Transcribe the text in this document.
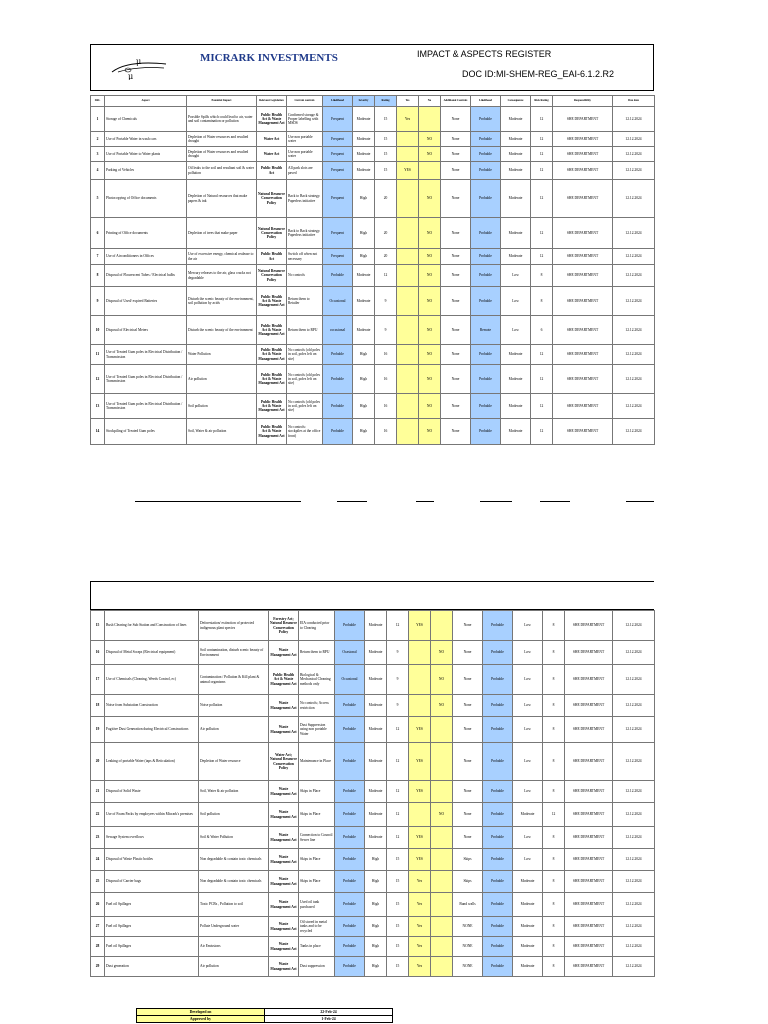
μ
μ
MICRARK INVESTMENTS	IMPACT & ASPECTS REGISTER
DOC ID:MI-SHEM-REG_EAI-6.1.2.R2
SRL	Aspect	Potential Impact	Relevant Legislation	Current controls	Likelihood	Severity	Rating	Yes	No	Additional Controls	Likelihood	Consequence	Risk Rating	Responsibility	Due date
1	Storage of Chemicals	Possible Spills which could lead to air, water and soil contamination or pollution	Public Health Act & Waste Management Act	Confirmed storage & Proper labelling with MSDS	Frequent	Moderate	15	Yes		None	Probable	Moderate	12	SHE DEPARTMENT	12.12.2024
2	Use of Portable Water in wash cars	Depletion of Water resources and resulted drought	Water Act	Use non portable water	Frequent	Moderate	15		NO	None	Probable	Moderate	12	SHE DEPARTMENT	12.12.2024
3	Use of Portable Water to Water plants	Depletion of Water resources and resulted drought	Water Act	Use non portable water	Frequent	Moderate	15		NO	None	Probable	Moderate	12	SHE DEPARTMENT	12.12.2024
4	Parking of Vehicles	Oil leaks to the soil and resultant soil & water pollution	Public Health Act	All park slots are paved	Frequent	Moderate	15	YES		None	Probable	Moderate	12	SHE DEPARTMENT	12.12.2024
5	Photocopying of Office documents	Depletion of Natural resources that make papers & ink	Natural Resource Conservation Policy	Back to Back strategy. Paperless initiative	Frequent	High	20		NO	None	Probable	Moderate	12	SHE DEPARTMENT	12.12.2024
6	Printing of Office documents	Depletion of trees that make paper	Natural Resource Conservation Policy	Back to Back strategy. Paperless initiative	Frequent	High	20		NO	None	Probable	Moderate	12	SHE DEPARTMENT	12.12.2024
7	Use of Airconditioners in Offices	Use of excessive energy, chemical realease to the air	Public Health Act	Switch off when not necessary	Frequent	High	20		NO	None	Probable	Moderate	12	SHE DEPARTMENT	12.12.2024
8	Disposal of Flourescent Tubes / Electrical bulbs	Mercury releases to the air, glass cracks not degradable	Natural Resource Conservation Policy	No controls	Probable	Moderate	12		NO	None	Probable	Low	8	SHE DEPARTMENT	12.12.2024
9	Disposal of Used/ expired Batteries	Disturb the scenic beauty of the environment, soil pollution by acids	Public Health Act & Waste Management Act	Return them to Retailer	Occasional	Moderate	9		NO	None	Probable	Low	8	SHE DEPARTMENT	12.12.2024
10	Disposal of Electrical Meters	Disturb the scenic beauty of the environment	Public Health Act & Waste Management Act	Return them to RPU	occasional	Moderate	9		NO	None	Remote	Low	6	SHE DEPARTMENT	12.12.2024
11	Use of Treated Gum poles in Electrical Distribution / Transmission	Water Pollution	Public Health Act & Waste Management Act	No controls (old poles in soil, poles left on site)	Probable	High	16		NO	None	Probable	Moderate	12	SHE DEPARTMENT	12.12.2024
12	Use of Treated Gum poles in Electrical Distribution / Transmission	Air pollution	Public Health Act & Waste Management Act	No controls (old poles in soil, poles left on site)	Probable	High	16		NO	None	Probable	Moderate	12	SHE DEPARTMENT	12.12.2024
13	Use of Treated Gum poles in Electrical Distribution / Transmission	Soil pollution	Public Health Act & Waste Management Act	No controls (old poles in soil, poles left on site)	Probable	High	16		NO	None	Probable	Moderate	12	SHE DEPARTMENT	12.12.2024
14	Stockpiling of Treated Gum poles	Soil, Water & air pollution	Public Health Act & Waste Management Act	No controls: stockpiles at the office front)	Probable	High	16		NO	None	Probable	Moderate	12	SHE DEPARTMENT	12.12.2024
15	Bush Clearing for Sub Station and Construction of lines	Deforestation/ extinction of protected indigenous plant species	Forestry Act; Natural Resource Conservation Policy	EIA conducted prior to Clearing	Probable	Moderate	12	YES		None	Probable	Low	8	SHE DEPARTMENT	12.12.2024
16	Disposal of Metal Scraps (Electrical equipment)	Soil contamination, disturb scenic beauty of Environment	Waste Management Act	Return them to RPU	Ocasional	Moderate	9		NO	None	Probable	Low	8	SHE DEPARTMENT	12.12.2024
17	Use of Chemicals (Cleaning, Weeds Control, ec)	Contamination / Pollution & Kill plant & animal organisms	Public Health Act & Waste Management Act	Biological & Mechanical Cleaning methods only	Occasional	Moderate	9		NO	None	Probable	Low	8	SHE DEPARTMENT	12.12.2024
18	Noise from Substation Construction	Noise pollution	Waste Management Act	No controls; Access restriction	Probable	Moderate	9		NO	None	Probable	Low	8	SHE DEPARTMENT	12.12.2024
19	Fugitive Dust Generation during Electrical Constructions	Air pollution	Waste Management Act	Dust Suppression using non portable Water	Probable	Moderate	12	YES		None	Probable	Low	8	SHE DEPARTMENT	12.12.2024
20	Leaking of portable Water (taps & Reticulation)	Depletion of Water resource	Water Act; Natural Resource Conservation Policy	Maintenance in Place	Probable	Moderate	12	YES		None	Probable	Low	8	SHE DEPARTMENT	12.12.2024
21	Disposal of Solid Waste	Soil, Water & air pollution	Waste Management Act	Skips in Place	Probable	Moderate	12	YES		None	Probable	Low	8	SHE DEPARTMENT	12.12.2024
22	Use of Foam Packs by employees within Micrark's premises	Soil pollution	Waste Management Act	Skips in Place	Probable	Moderate	12		NO	None	Probable	Moderate	12	SHE DEPARTMENT	12.12.2024
23	Sewage System overflows	Soil & Water Pollution	Waste Management Act	Connection to Council Sewer line	Probable	Moderate	12	YES		None	Probable	Low	8	SHE DEPARTMENT	12.12.2024
24	Disposal of Waste Plastic bottles	Non degradable & contain toxic chemicals	Waste Management Act	Skips in Place	Probable	High	15	YES		Skips	Probable	Low	8	SHE DEPARTMENT	12.12.2024
25	Disposal of Carrier bags	Non degradable & contain toxic chemicals	Waste Management Act	Skips in Place	Probable	High	15	Yes		Skips	Probable	Moderate	8	SHE DEPARTMENT	12.12.2024
26	Fuel oil Spillages	Toxic PCBs , Pollution to soil	Waste Management Act	Used oil tank purchased	Probable	High	15	Yes		Bund walls	Probable	Moderate	8	SHE DEPARTMENT	12.12.2024
27	Fuel oil Spillages	Pollute Underground water	Waste Management Act	Oil stored in metal tanks and to be recycled	Probable	High	15	Yes		NONE	Probable	Moderate	8	SHE DEPARTMENT	12.12.2024
28	Fuel oil Spillages	Air Emissions	Waste Management Act	Tanks in place	Probable	High	15	Yes		NONE	Probable	Moderate	8	SHE DEPARTMENT	12.12.2024
29	Dust generation	Air pollution	Waste Management Act	Dust suppression	Probable	High	15	Yes		NONE	Probable	Moderate	8	SHE DEPARTMENT	12.12.2024
Developed on	22-Feb-24
Approved by	1-Feb-24
